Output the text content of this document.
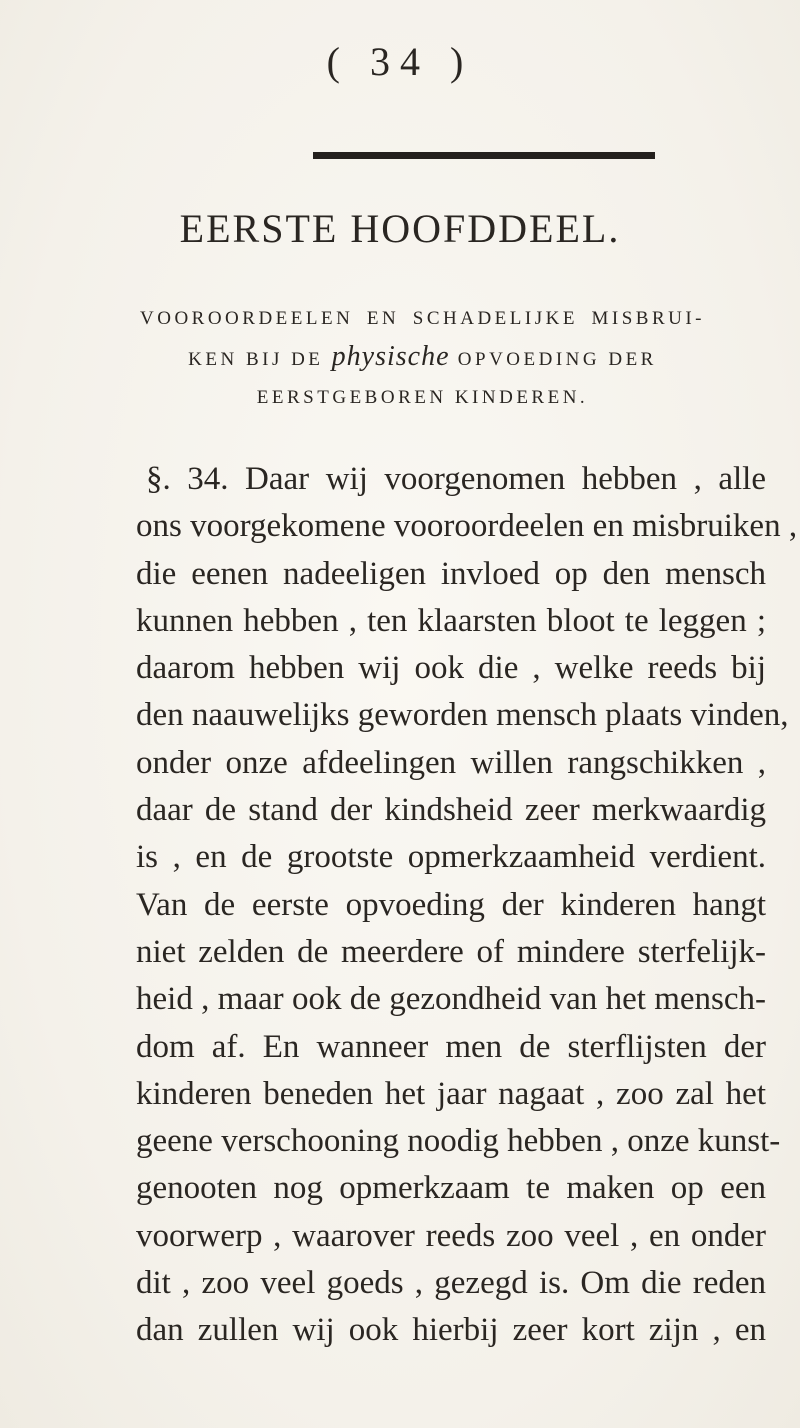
( 34 )
EERSTE HOOFDDEEL.
VOOROORDEELEN EN SCHADELIJKE MISBRUI-
KEN BIJ DE physische OPVOEDING DER
EERSTGEBOREN KINDEREN.
§. 34. Daar wij voorgenomen hebben , alle
ons voorgekomene vooroordeelen en misbruiken ,
die eenen nadeeligen invloed op den mensch
kunnen hebben , ten klaarsten bloot te leggen ;
daarom hebben wij ook die , welke reeds bij
den naauwelijks geworden mensch plaats vinden,
onder onze afdeelingen willen rangschikken ,
daar de stand der kindsheid zeer merkwaardig
is , en de grootste opmerkzaamheid verdient.
Van de eerste opvoeding der kinderen hangt
niet zelden de meerdere of mindere sterfelijk-
heid , maar ook de gezondheid van het mensch-
dom af. En wanneer men de sterflijsten der
kinderen beneden het jaar nagaat , zoo zal het
geene verschooning noodig hebben , onze kunst-
genooten nog opmerkzaam te maken op een
voorwerp , waarover reeds zoo veel , en onder
dit , zoo veel goeds , gezegd is. Om die reden
dan zullen wij ook hierbij zeer kort zijn , en
